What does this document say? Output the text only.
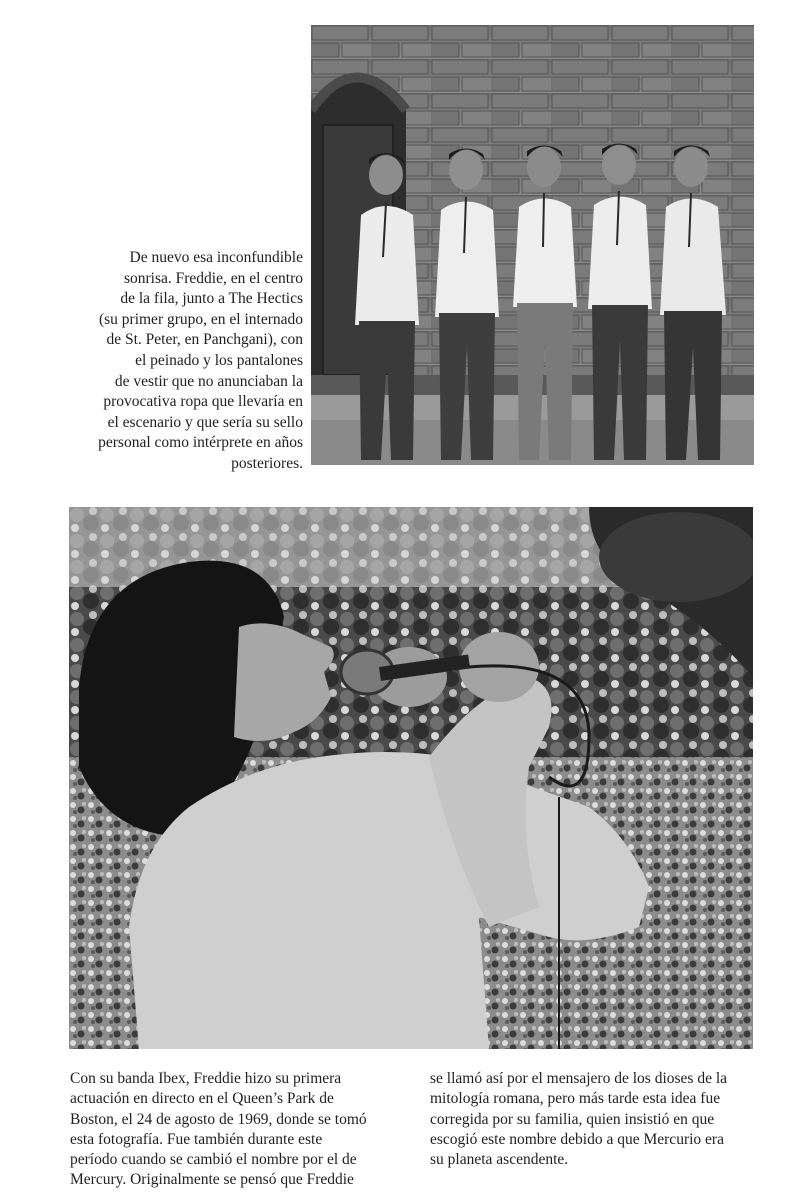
De nuevo esa inconfundible
sonrisa. Freddie, en el centro
de la fila, junto a The Hectics
(su primer grupo, en el internado
de St. Peter, en Panchgani), con
el peinado y los pantalones
de vestir que no anunciaban la
provocativa ropa que llevaría en
el escenario y que sería su sello
personal como intérprete en años
posteriores.
Con su banda Ibex, Freddie hizo su primera
actuación en directo en el Queen’s Park de
Boston, el 24 de agosto de 1969, donde se tomó
esta fotografía. Fue también durante este
período cuando se cambió el nombre por el de
Mercury. Originalmente se pensó que Freddie
se llamó así por el mensajero de los dioses de la
mitología romana, pero más tarde esta idea fue
corregida por su familia, quien insistió en que
escogió este nombre debido a que Mercurio era
su planeta ascendente.
